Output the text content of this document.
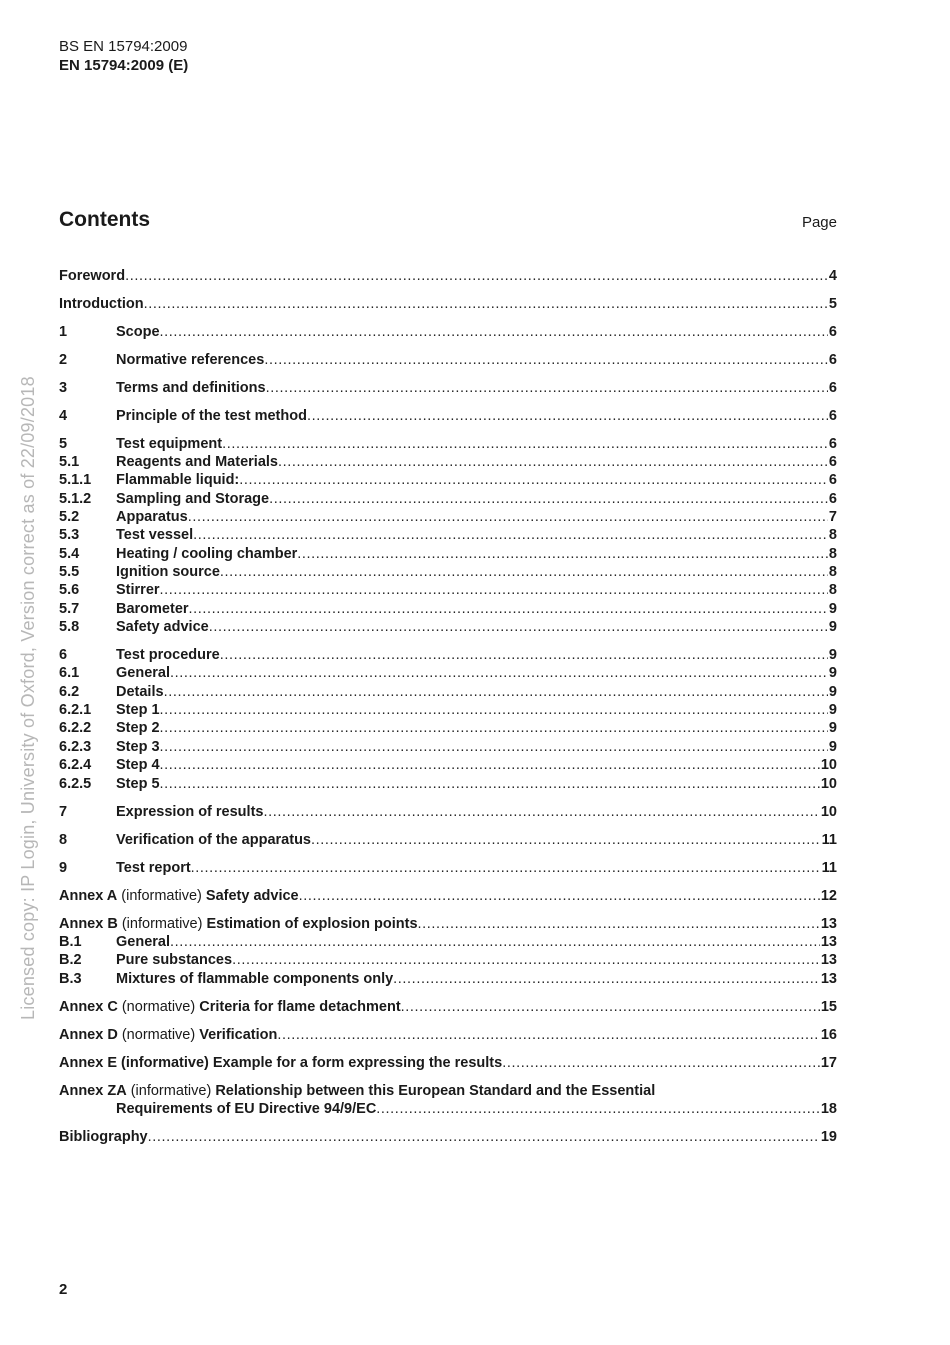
BS EN 15794:2009
EN 15794:2009 (E)
Contents	Page
Licensed copy: IP Login, University of Oxford, Version correct as of 22/09/2018
Foreword .....	4
Introduction .....	5
1	Scope .....	6
2	Normative references .....	6
3	Terms and definitions .....	6
4	Principle of the test method .....	6
5	Test equipment .....	6
5.1	Reagents and Materials .....	6
5.1.1 Flammable liquid: .....	6
5.1.2 Sampling and Storage .....	6
5.2	Apparatus .....	7
5.3	Test vessel .....	8
5.4	Heating / cooling chamber .....	8
5.5	Ignition source .....	8
5.6	Stirrer .....	8
5.7	Barometer .....	9
5.8	Safety advice .....	9
6	Test procedure .....	9
6.1	General .....	9
6.2	Details .....	9
6.2.1 Step 1 .....	9
6.2.2 Step 2 .....	9
6.2.3 Step 3 .....	9
6.2.4 Step 4 .....	10
6.2.5 Step 5 .....	10
7	Expression of results .....	10
8	Verification of the apparatus .....	11
9	Test report .....	11
Annex A (informative) Safety advice .....	12
Annex B (informative) Estimation of explosion points .....	13
B.1 General .....	13
B.2 Pure substances .....	13
B.3 Mixtures of flammable components only .....	13
Annex C (normative) Criteria for flame detachment .....	15
Annex D (normative) Verification .....	16
Annex E (informative) Example for a form expressing the results .....	17
Annex ZA (informative) Relationship between this European Standard and the Essential
Requirements of EU Directive 94/9/EC .....	18
Bibliography .....	19
2
